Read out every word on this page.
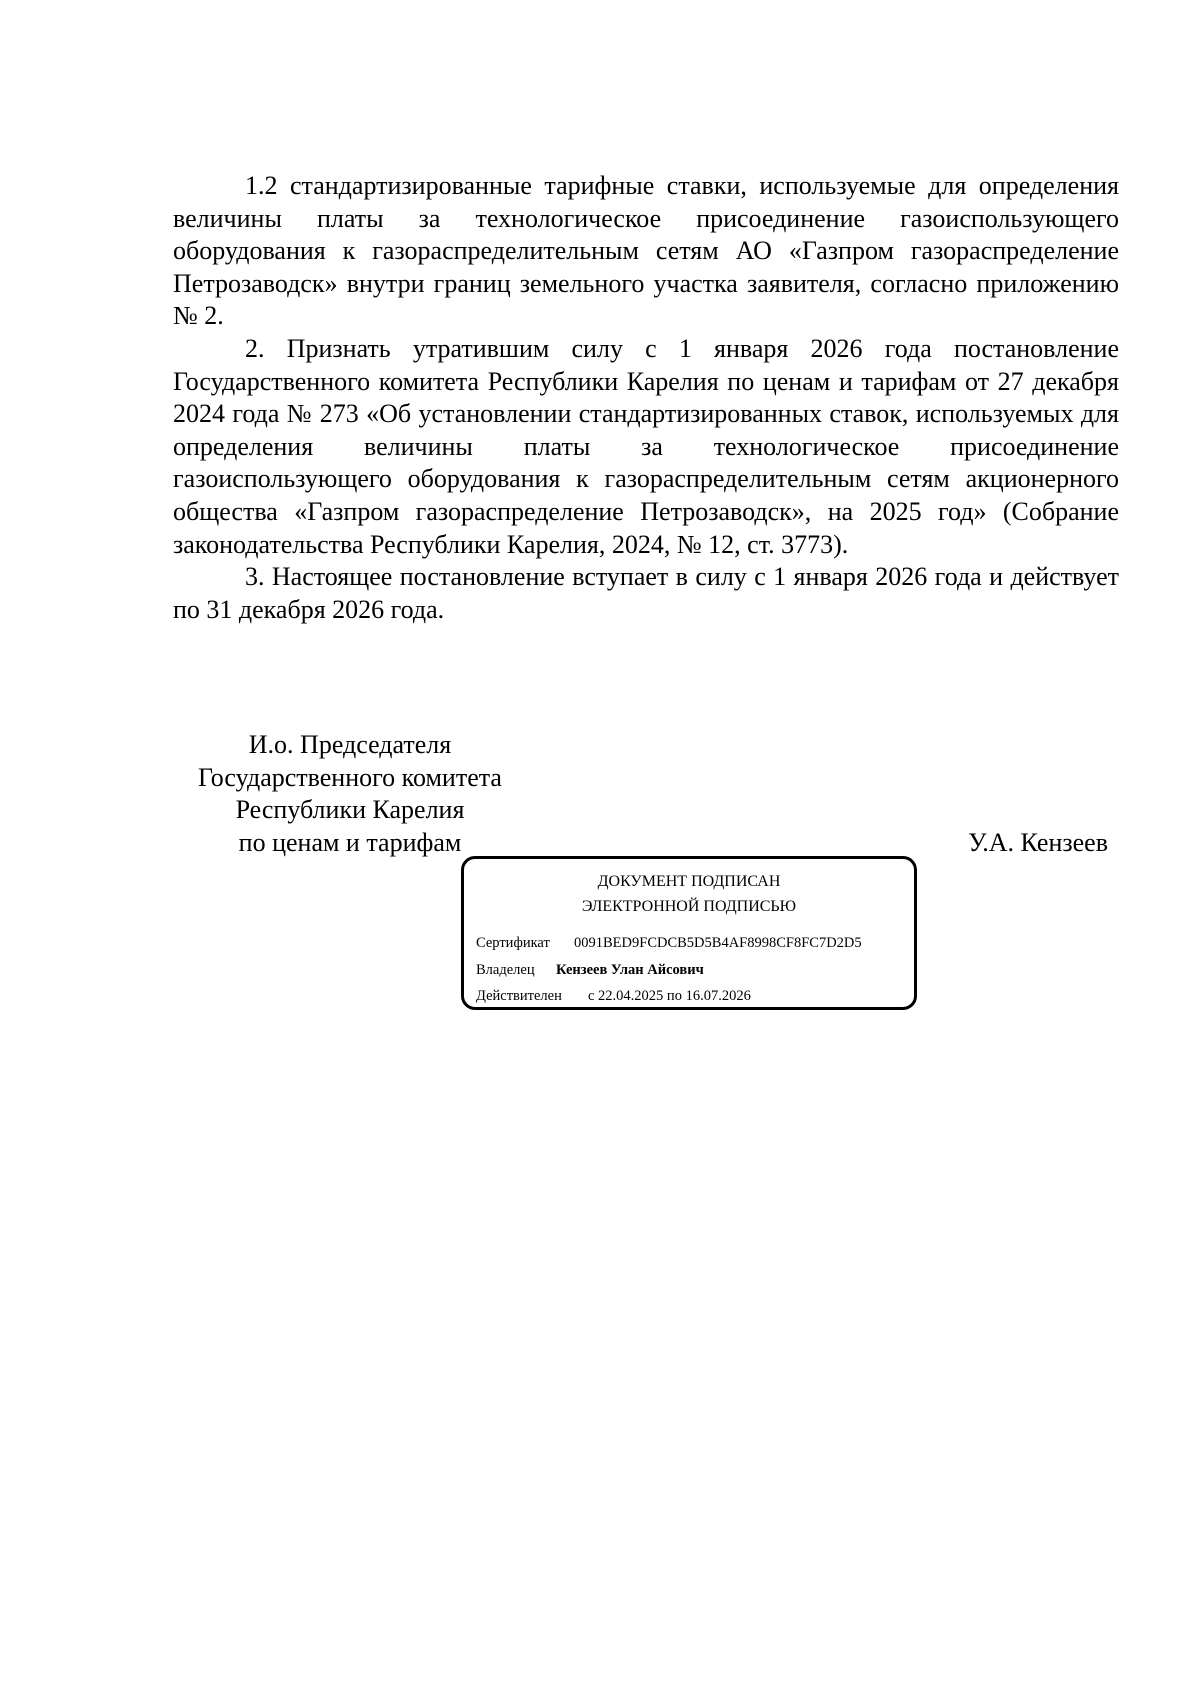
1.2 стандартизированные тарифные ставки, используемые для определения величины платы за технологическое присоединение газоиспользующего оборудования к газораспределительным сетям АО «Газпром газораспределение Петрозаводск» внутри границ земельного участка заявителя, согласно приложению № 2.

2. Признать утратившим силу с 1 января 2026 года постановление Государственного комитета Республики Карелия по ценам и тарифам от 27 декабря 2024 года № 273 «Об установлении стандартизированных ставок, используемых для определения величины платы за технологическое присоединение газоиспользующего оборудования к газораспределительным сетям акционерного общества «Газпром газораспределение Петрозаводск», на 2025 год» (Собрание законодательства Республики Карелия, 2024, № 12, ст. 3773).

3. Настоящее постановление вступает в силу с 1 января 2026 года и действует по 31 декабря 2026 года.

И.о. Председателя
Государственного комитета
Республики Карелия
по ценам и тарифам	У.А. Кензеев
ДОКУМЕНТ ПОДПИСАН
ЭЛЕКТРОННОЙ ПОДПИСЬЮ
Сертификат 0091BED9FCDCB5D5B4AF8998CF8FC7D2D5
Владелец Кензеев Улан Айсович
Действителен с 22.04.2025 по 16.07.2026
